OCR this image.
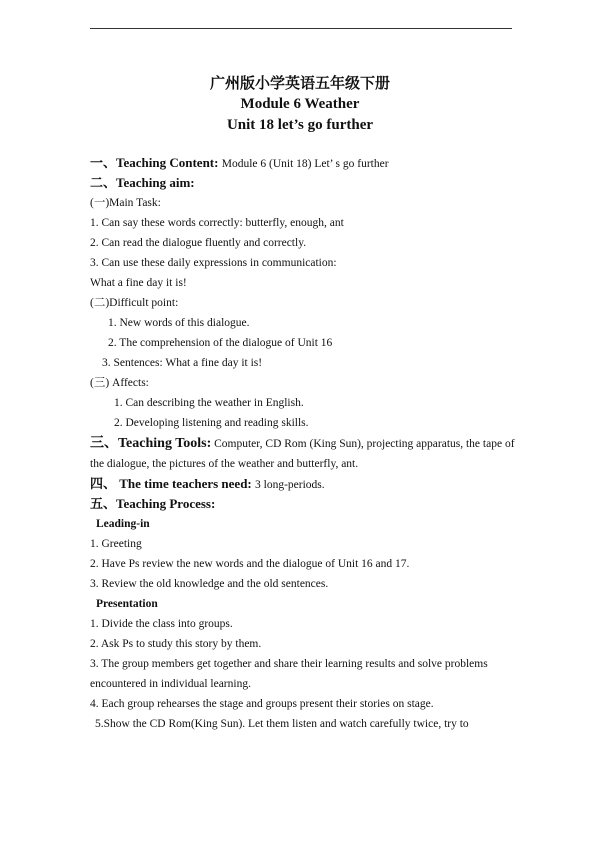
广州版小学英语五年级下册
Module 6 Weather
Unit 18 let’s go further
一、Teaching Content: Module 6 (Unit 18) Let’ s go further
二、Teaching aim:
(一)Main Task:
1. Can say these words correctly: butterfly, enough, ant
2. Can read the dialogue fluently and correctly.
3. Can use these daily expressions in communication:
What a fine day it is!
(二)Difficult point:
1. New words of this dialogue.
2. The comprehension of the dialogue of Unit 16
3. Sentences: What a fine day it is!
(三) Affects:
1. Can describing the weather in English.
2. Developing listening and reading skills.
三、Teaching Tools: Computer, CD Rom (King Sun), projecting apparatus, the tape of
the dialogue, the pictures of the weather and butterfly, ant.
四、 The time teachers need: 3 long-periods.
五、Teaching Process:
Leading-in
1. Greeting
2. Have Ps review the new words and the dialogue of Unit 16 and 17.
3. Review the old knowledge and the old sentences.
Presentation
1. Divide the class into groups.
2. Ask Ps to study this story by them.
3. The group members get together and share their learning results and solve problems
encountered in individual learning.
4. Each group rehearses the stage and groups present their stories on stage.
5.Show the CD Rom(King Sun). Let them listen and watch carefully twice, try to
